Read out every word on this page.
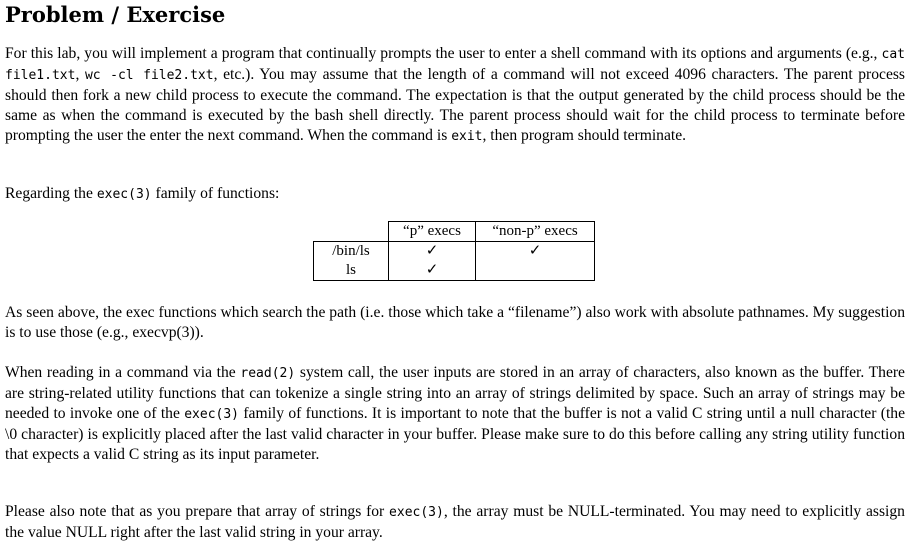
Problem / Exercise

For this lab, you will implement a program that continually prompts the user to enter a shell command with its options and arguments (e.g., cat file1.txt, wc -cl file2.txt, etc.). You may assume that the length of a command will not exceed 4096 characters. The parent process should then fork a new child process to execute the command. The expectation is that the output generated by the child process should be the same as when the command is executed by the bash shell directly. The parent process should wait for the child process to terminate before prompting the user the enter the next command. When the command is exit, then program should terminate.

Regarding the exec(3) family of functions:

	“p” execs	“non-p” execs
/bin/ls	✓	✓
ls	✓	

As seen above, the exec functions which search the path (i.e. those which take a “filename”) also work with absolute pathnames. My suggestion is to use those (e.g., execvp(3)).

When reading in a command via the read(2) system call, the user inputs are stored in an array of characters, also known as the buffer. There are string-related utility functions that can tokenize a single string into an array of strings delimited by space. Such an array of strings may be needed to invoke one of the exec(3) family of functions. It is important to note that the buffer is not a valid C string until a null character (the \0 character) is explicitly placed after the last valid character in your buffer. Please make sure to do this before calling any string utility function that expects a valid C string as its input parameter.

Please also note that as you prepare that array of strings for exec(3), the array must be NULL-terminated. You may need to explicitly assign the value NULL right after the last valid string in your array.
